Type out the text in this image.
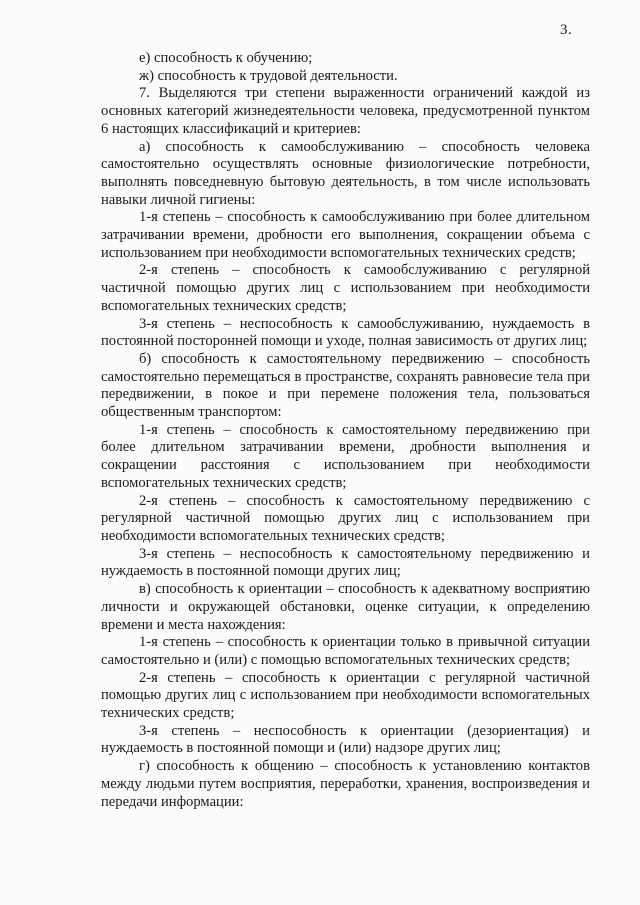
3.

е) способность к обучению;

ж) способность к трудовой деятельности.

7. Выделяются три степени выраженности ограничений каждой из основных категорий жизнедеятельности человека, предусмотренной пунктом 6 настоящих классификаций и критериев:

а) способность к самообслуживанию – способность человека самостоятельно осуществлять основные физиологические потребности, выполнять повседневную бытовую деятельность, в том числе использовать навыки личной гигиены:

1-я степень – способность к самообслуживанию при более длительном затрачивании времени, дробности его выполнения, сокращении объема с использованием при необходимости вспомогательных технических средств;

2-я степень – способность к самообслуживанию с регулярной частичной помощью других лиц с использованием при необходимости вспомогательных технических средств;

3-я степень – неспособность к самообслуживанию, нуждаемость в постоянной посторонней помощи и уходе, полная зависимость от других лиц;

б) способность к самостоятельному передвижению – способность самостоятельно перемещаться в пространстве, сохранять равновесие тела при передвижении, в покое и при перемене положения тела, пользоваться общественным транспортом:

1-я степень – способность к самостоятельному передвижению при более длительном затрачивании времени, дробности выполнения и сокращении расстояния с использованием при необходимости вспомогательных технических средств;

2-я степень – способность к самостоятельному передвижению с регулярной частичной помощью других лиц с использованием при необходимости вспомогательных технических средств;

3-я степень – неспособность к самостоятельному передвижению и нуждаемость в постоянной помощи других лиц;

в) способность к ориентации – способность к адекватному восприятию личности и окружающей обстановки, оценке ситуации, к определению времени и места нахождения:

1-я степень – способность к ориентации только в привычной ситуации самостоятельно и (или) с помощью вспомогательных технических средств;

2-я степень – способность к ориентации с регулярной частичной помощью других лиц с использованием при необходимости вспомогательных технических средств;

3-я степень – неспособность к ориентации (дезориентация) и нуждаемость в постоянной помощи и (или) надзоре других лиц;

г) способность к общению – способность к установлению контактов между людьми путем восприятия, переработки, хранения, воспроизведения и передачи информации:
